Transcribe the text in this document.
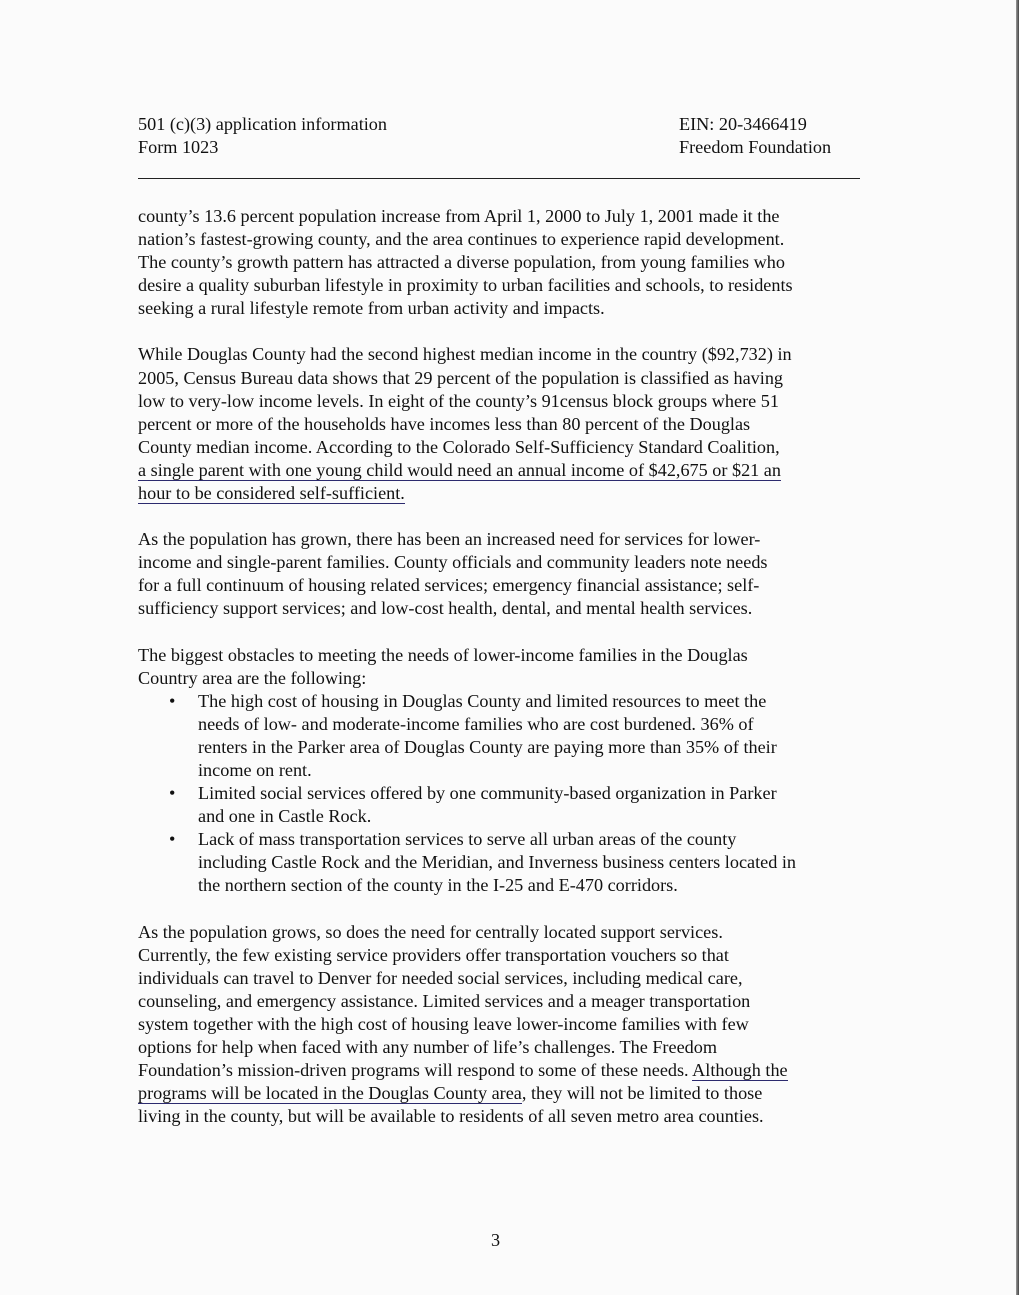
501 (c)(3) application information
Form 1023
EIN: 20-3466419
Freedom Foundation

county’s 13.6 percent population increase from April 1, 2000 to July 1, 2001 made it the
nation’s fastest-growing county, and the area continues to experience rapid development.
The county’s growth pattern has attracted a diverse population, from young families who
desire a quality suburban lifestyle in proximity to urban facilities and schools, to residents
seeking a rural lifestyle remote from urban activity and impacts.

While Douglas County had the second highest median income in the country ($92,732) in
2005, Census Bureau data shows that 29 percent of the population is classified as having
low to very-low income levels. In eight of the county’s 91census block groups where 51
percent or more of the households have incomes less than 80 percent of the Douglas
County median income. According to the Colorado Self-Sufficiency Standard Coalition,
a single parent with one young child would need an annual income of $42,675 or $21 an
hour to be considered self-sufficient.

As the population has grown, there has been an increased need for services for lower-
income and single-parent families. County officials and community leaders note needs
for a full continuum of housing related services; emergency financial assistance; self-
sufficiency support services; and low-cost health, dental, and mental health services.

The biggest obstacles to meeting the needs of lower-income families in the Douglas
Country area are the following:
• The high cost of housing in Douglas County and limited resources to meet the
needs of low- and moderate-income families who are cost burdened. 36% of
renters in the Parker area of Douglas County are paying more than 35% of their
income on rent.
• Limited social services offered by one community-based organization in Parker
and one in Castle Rock.
• Lack of mass transportation services to serve all urban areas of the county
including Castle Rock and the Meridian, and Inverness business centers located in
the northern section of the county in the I-25 and E-470 corridors.

As the population grows, so does the need for centrally located support services.
Currently, the few existing service providers offer transportation vouchers so that
individuals can travel to Denver for needed social services, including medical care,
counseling, and emergency assistance. Limited services and a meager transportation
system together with the high cost of housing leave lower-income families with few
options for help when faced with any number of life’s challenges. The Freedom
Foundation’s mission-driven programs will respond to some of these needs. Although the
programs will be located in the Douglas County area, they will not be limited to those
living in the county, but will be available to residents of all seven metro area counties.

3
